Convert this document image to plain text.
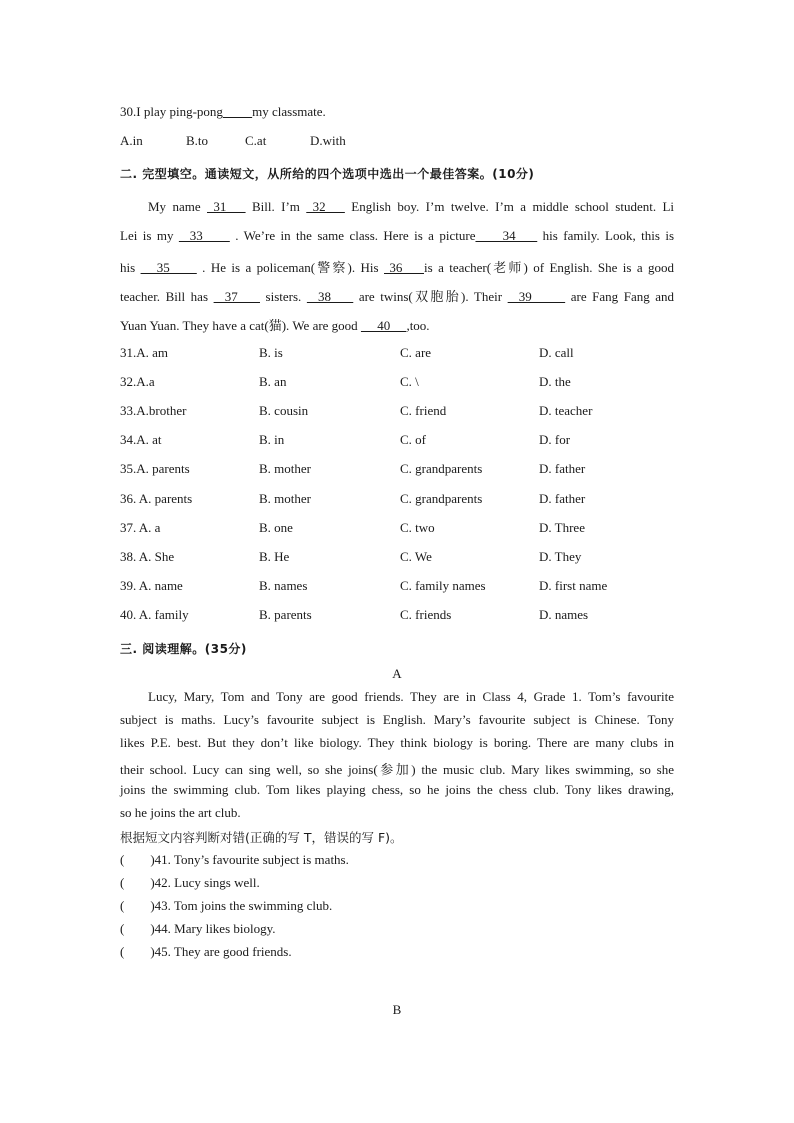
30.I play ping-pong my classmate.
A.in	B.to	C.at	D.with
二. 完型填空。通读短文，从所给的四个选项中选出一个最佳答案。(10分)
My name  31    Bill. I’m  32    English boy. I’m twelve. I’m a middle school student. Li
Lei is my   33      . We’re in the same class. Here is a picture     34     his family. Look, this is
his    35      . He is a policeman(警察). His  36    is a teacher(老师) of English. She is a good
teacher. Bill has   37     sisters.   38     are twins(双胞胎). Their   39       are Fang Fang and
Yuan Yuan. They have a cat(猫). We are good      40     ,too.
31.A. am	B. is	C. are	D. call
32.A.a	B. an	C. \	D. the
33.A.brother	B. cousin	C. friend	D. teacher
34.A. at	B. in	C. of	D. for
35.A. parents	B. mother	C. grandparents	D. father
36. A. parents	B. mother	C. grandparents	D. father
37. A. a	B. one	C. two	D. Three
38. A. She	B. He	C. We	D. They
39. A. name	B. names	C. family names	D. first name
40. A. family	B. parents	C. friends	D. names
三. 阅读理解。(35分)
A
Lucy, Mary, Tom and Tony are good friends. They are in Class 4, Grade 1. Tom’s favourite
subject is maths. Lucy’s favourite subject is English. Mary’s favourite subject is Chinese. Tony
likes P.E. best. But they don’t like biology. They think biology is boring. There are many clubs in
their school. Lucy can sing well, so she joins(参加) the music club. Mary likes swimming, so she
joins the swimming club. Tom likes playing chess, so he joins the chess club. Tony likes drawing,
so he joins the art club.
根据短文内容判断对错(正确的写 T，错误的写 F)。
(        )41. Tony’s favourite subject is maths.
(        )42. Lucy sings well.
(        )43. Tom joins the swimming club.
(        )44. Mary likes biology.
(        )45. They are good friends.
B
